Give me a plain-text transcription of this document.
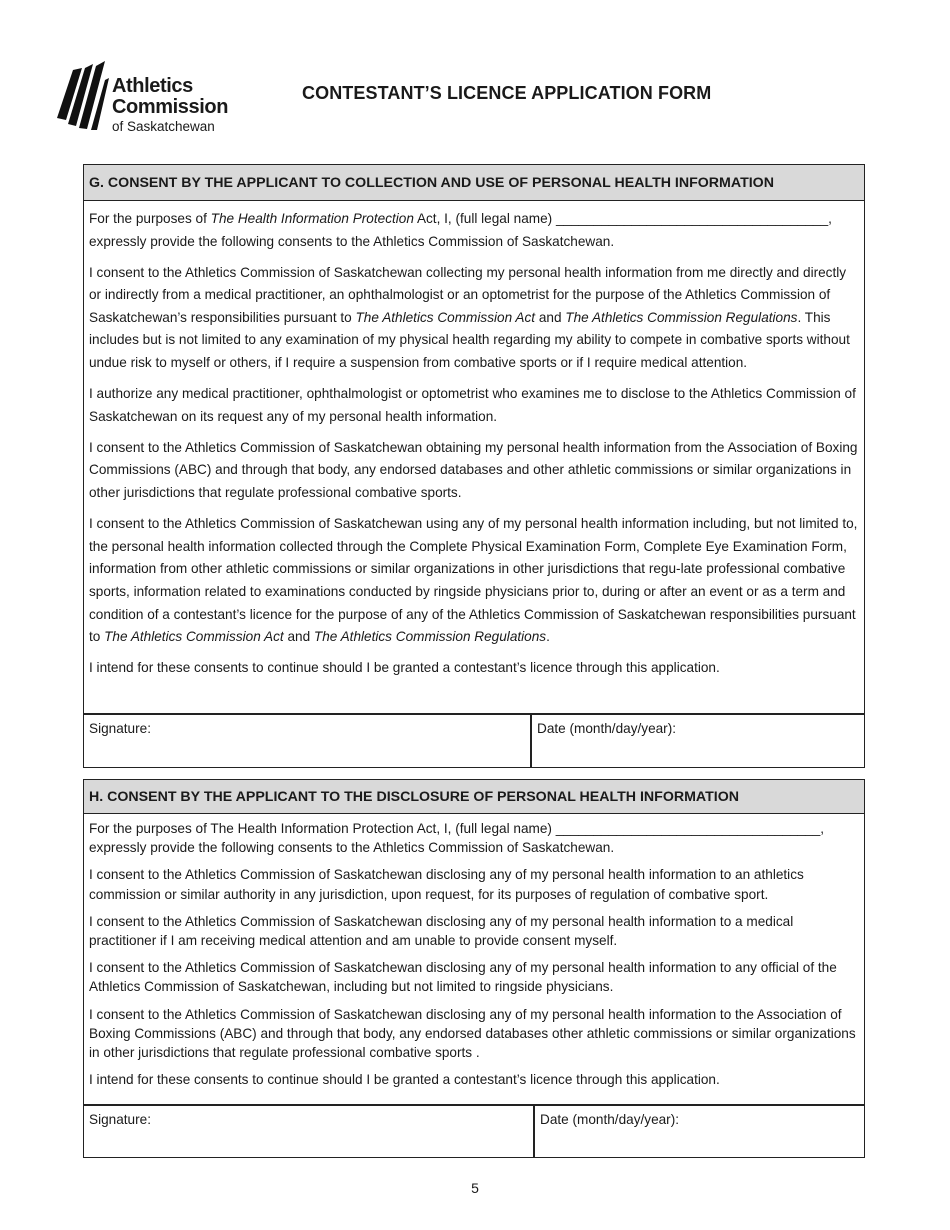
Athletics
Commission
of Saskatchewan
CONTESTANT’S LICENCE APPLICATION FORM
G. CONSENT BY THE APPLICANT TO COLLECTION AND USE OF PERSONAL HEALTH INFORMATION

For the purposes of The Health Information Protection Act, I, (full legal name) ____________________________________, expressly provide the following consents to the Athletics Commission of Saskatchewan.

I consent to the Athletics Commission of Saskatchewan collecting my personal health information from me directly and directly or indirectly from a medical practitioner, an ophthalmologist or an optometrist for the purpose of the Athletics Commission of Saskatchewan’s responsibilities pursuant to The Athletics Commission Act and The Athletics Commission Regulations. This includes but is not limited to any examination of my physical health regarding my ability to compete in combative sports without undue risk to myself or others, if I require a suspension from combative sports or if I require medical attention.

I authorize any medical practitioner, ophthalmologist or optometrist who examines me to disclose to the Athletics Commission of Saskatchewan on its request any of my personal health information.

I consent to the Athletics Commission of Saskatchewan obtaining my personal health information from the Association of Boxing Commissions (ABC) and through that body, any endorsed databases and other athletic commissions or similar organizations in other jurisdictions that regulate professional combative sports.

I consent to the Athletics Commission of Saskatchewan using any of my personal health information including, but not limited to, the personal health information collected through the Complete Physical Examination Form, Complete Eye Examination Form, information from other athletic commissions or similar organizations in other jurisdictions that regu-late professional combative sports, information related to examinations conducted by ringside physicians prior to, during or after an event or as a term and condition of a contestant’s licence for the purpose of any of the Athletics Commission of Saskatchewan responsibilities pursuant to The Athletics Commission Act and The Athletics Commission Regulations.

I intend for these consents to continue should I be granted a contestant’s licence through this application.

Signature:	Date (month/day/year):
H. CONSENT BY THE APPLICANT TO THE DISCLOSURE OF PERSONAL HEALTH INFORMATION

For the purposes of The Health Information Protection Act, I, (full legal name) ___________________________________, expressly provide the following consents to the Athletics Commission of Saskatchewan.

I consent to the Athletics Commission of Saskatchewan disclosing any of my personal health information to an athletics commission or similar authority in any jurisdiction, upon request, for its purposes of regulation of combative sport.

I consent to the Athletics Commission of Saskatchewan disclosing any of my personal health information to a medical practitioner if I am receiving medical attention and am unable to provide consent myself.

I consent to the Athletics Commission of Saskatchewan disclosing any of my personal health information to any official of the Athletics Commission of Saskatchewan, including but not limited to ringside physicians.

I consent to the Athletics Commission of Saskatchewan disclosing any of my personal health information to the Association of Boxing Commissions (ABC) and through that body, any endorsed databases other athletic commissions or similar organizations in other jurisdictions that regulate professional combative sports .

I intend for these consents to continue should I be granted a contestant’s licence through this application.

Signature:	Date (month/day/year):
5
